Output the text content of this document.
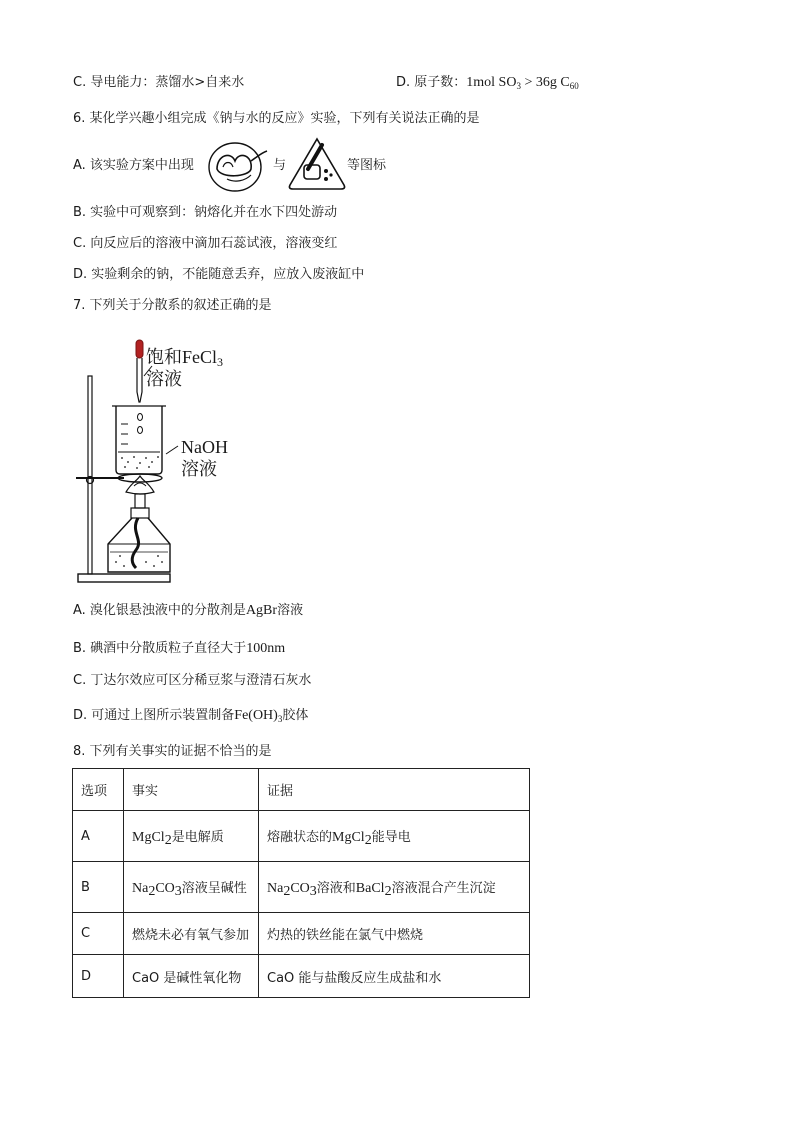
C. 导电能力：蒸馏水>自来水	D. 原子数：1mol $SO_3 > 36g$ $C_{60}$
6. 某化学兴趣小组完成《钠与水的反应》实验，下列有关说法正确的是
A. 该实验方案中出现	与	等图标
B. 实验中可观察到：钠熔化并在水下四处游动
C. 向反应后的溶液中滴加石蕊试液，溶液变红
D. 实验剩余的钠，不能随意丢弃，应放入废液缸中
7. 下列关于分散系的叙述正确的是
饱和FeCl$_3$
溶液
NaOH
溶液
A. 溴化银悬浊液中的分散剂是AgBr溶液
B. 碘酒中分散质粒子直径大于100nm
C. 丁达尔效应可区分稀豆浆与澄清石灰水
D. 可通过上图所示装置制备$Fe(OH)_3$胶体
8. 下列有关事实的证据不恰当的是
选项	事实	证据
A	MgCl$_2$是电解质	熔融状态的MgCl$_2$能导电
B	$Na_2CO_3$溶液呈碱性	$Na_2CO_3$溶液和BaCl$_2$溶液混合产生沉淀
C	燃烧未必有氧气参加	灼热的铁丝能在氯气中燃烧
D	CaO 是碱性氧化物	CaO 能与盐酸反应生成盐和水
